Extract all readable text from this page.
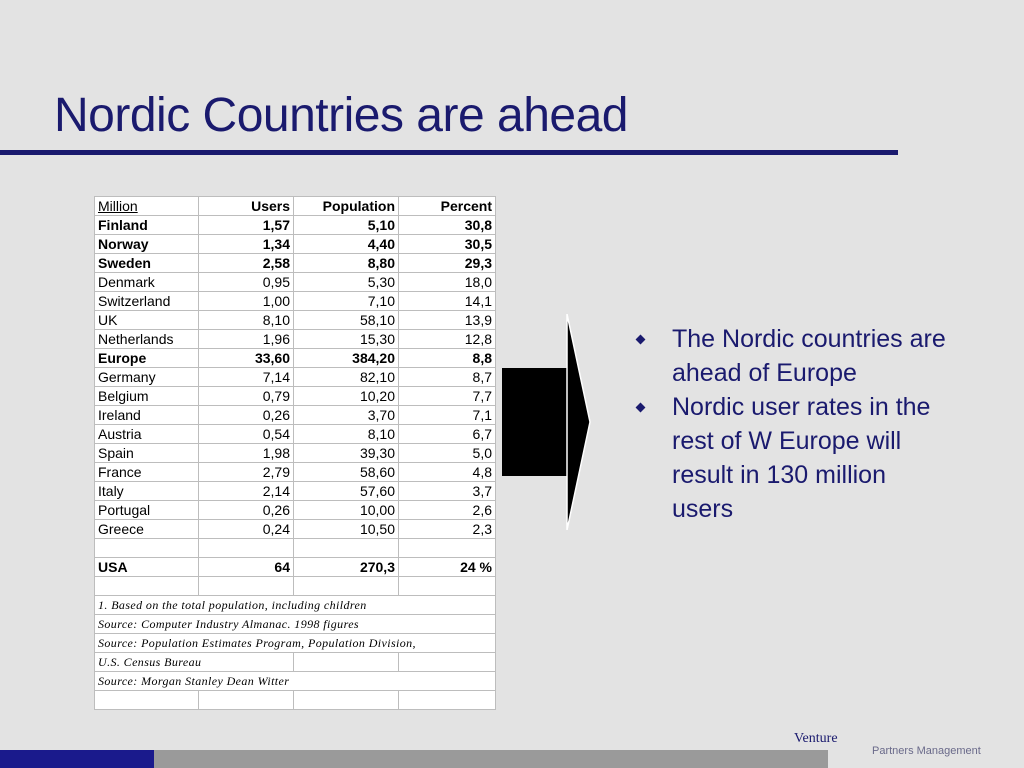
Nordic Countries are ahead
Million	Users	Population	Percent
Finland	1,57	5,10	30,8
Norway	1,34	4,40	30,5
Sweden	2,58	8,80	29,3
Denmark	0,95	5,30	18,0
Switzerland	1,00	7,10	14,1
UK	8,10	58,10	13,9
Netherlands	1,96	15,30	12,8
Europe	33,60	384,20	8,8
Germany	7,14	82,10	8,7
Belgium	0,79	10,20	7,7
Ireland	0,26	3,70	7,1
Austria	0,54	8,10	6,7
Spain	1,98	39,30	5,0
France	2,79	58,60	4,8
Italy	2,14	57,60	3,7
Portugal	0,26	10,00	2,6
Greece	0,24	10,50	2,3

USA	64	270,3	24 %

1. Based on the total population, including children			
Source: Computer Industry Almanac. 1998 figures			
Source: Population Estimates Program, Population Division,			
U.S. Census Bureau			
Source: Morgan Stanley Dean Witter			

The Nordic countries are ahead of Europe
Nordic user rates in the rest of W Europe will result in 130 million users
Venture
Partners Management
